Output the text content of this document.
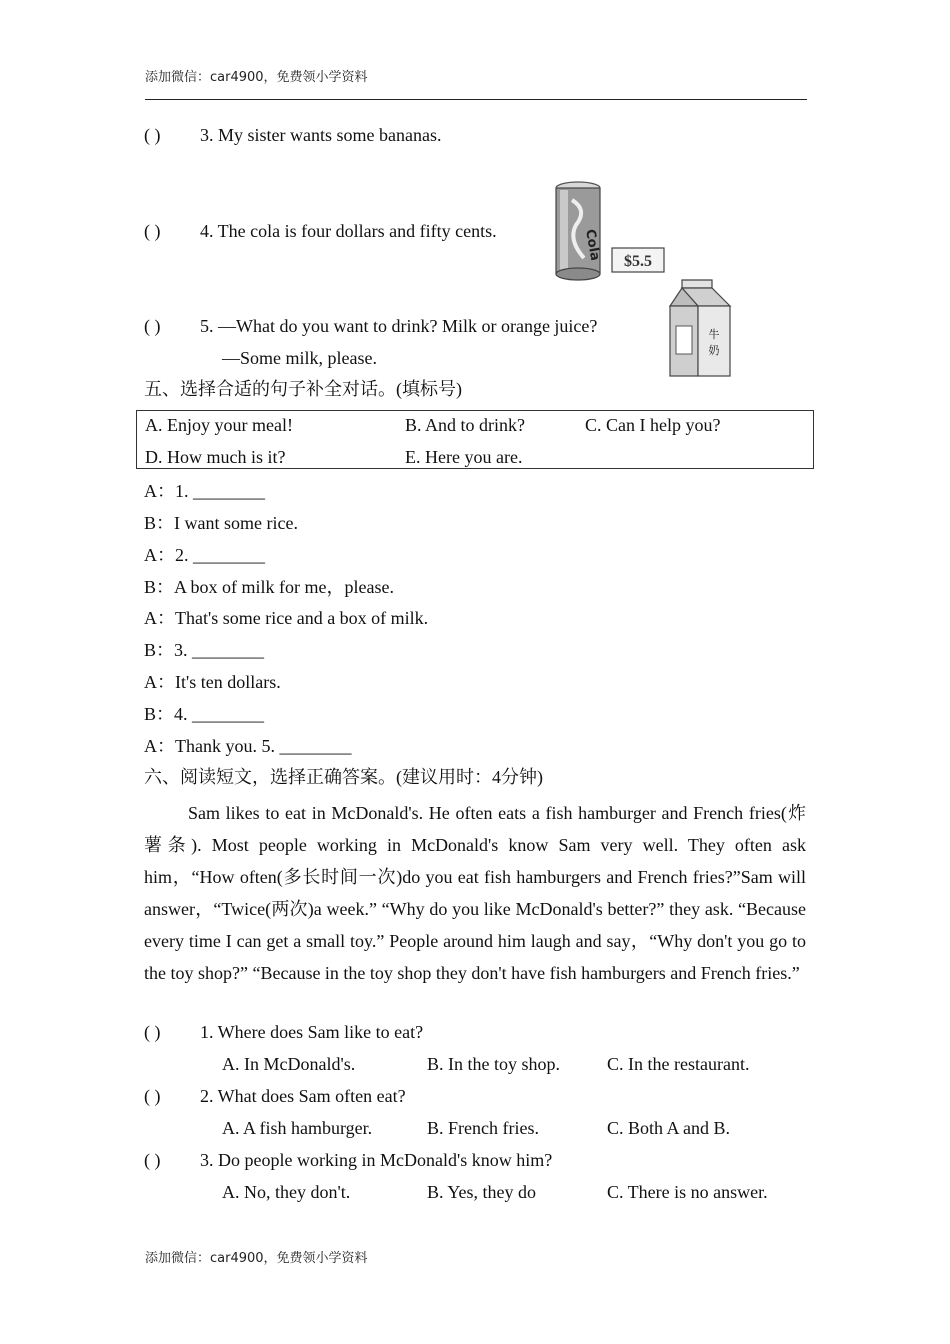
添加微信：car4900，免费领小学资料
( ) 3. My sister wants some bananas.
( ) 4. The cola is four dollars and fifty cents.
( ) 5. —What do you want to drink? Milk or orange juice?
—Some milk, please.
Cola $5.5
牛
奶
五、选择合适的句子补全对话。(填标号)
A. Enjoy your meal!	B. And to drink?	C. Can I help you?
D. How much is it?	E. Here you are.
A：1. ________
B：I want some rice.
A：2. ________
B：A box of milk for me，please.
A：That's some rice and a box of milk.
B：3. ________
A：It's ten dollars.
B：4. ________
A：Thank you. 5. ________
六、阅读短文，选择正确答案。(建议用时：4分钟)
Sam likes to eat in McDonald's. He often eats a fish hamburger and French fries(炸薯条). Most people working in McDonald's know Sam very well. They often ask him，“How often(多长时间一次)do you eat fish hamburgers and French fries?”Sam will answer，“Twice(两次)a week.” “Why do you like McDonald's better?” they ask. “Because every time I can get a small toy.” People around him laugh and say，“Why don't you go to the toy shop?” “Because in the toy shop they don't have fish hamburgers and French fries.”
( ) 1. Where does Sam like to eat?
A. In McDonald's.	B. In the toy shop.	C. In the restaurant.
( ) 2. What does Sam often eat?
A. A fish hamburger.	B. French fries.	C. Both A and B.
( ) 3. Do people working in McDonald's know him?
A. No, they don't.	B. Yes, they do	C. There is no answer.
添加微信：car4900，免费领小学资料
